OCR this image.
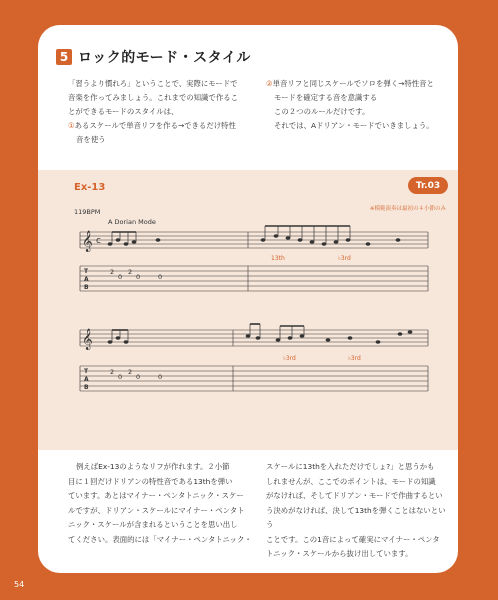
5 ロック的モード・スタイル

「習うより慣れろ」ということで、実際にモードで

音楽を作ってみましょう。これまでの知識で作るこ

とができるモードのスタイルは、

①あるスケールで単音リフを作る→できるだけ特性

音を使う

②単音リフと同じスケールでソロを弾く→特性音と

モードを確定する音を意識する

この２つのルールだけです。

それでは、Aドリアン・モードでいきましょう。

Ex-13	Tr.03
※模範演奏は最初の４小節のみ
119BPM
A Dorian Mode
𝄞
𝄞
c
T
A
B
T
A
B
2
0
2
0	0
2
0
2
0	0
13th	♭3rd
♭3rd	♭3rd

例えばEx-13のようなリフが作れます。２小節

目に１回だけドリアンの特性音である13thを弾い

ています。あとはマイナー・ペンタトニック・スケー

ルですが、ドリアン・スケールにマイナー・ペンタト

ニック・スケールが含まれるということを思い出し

てください。表面的には「マイナー・ペンタトニック・

スケールに13thを入れただけでしょ?」と思うかも

しれませんが、ここでのポイントは、モードの知識

がなければ、そしてドリアン・モードで作曲するとい

う決めがなければ、決して13thを弾くことはないという

ことです。この1音によって確実にマイナー・ペンタ

トニック・スケールから抜け出しています。

54
